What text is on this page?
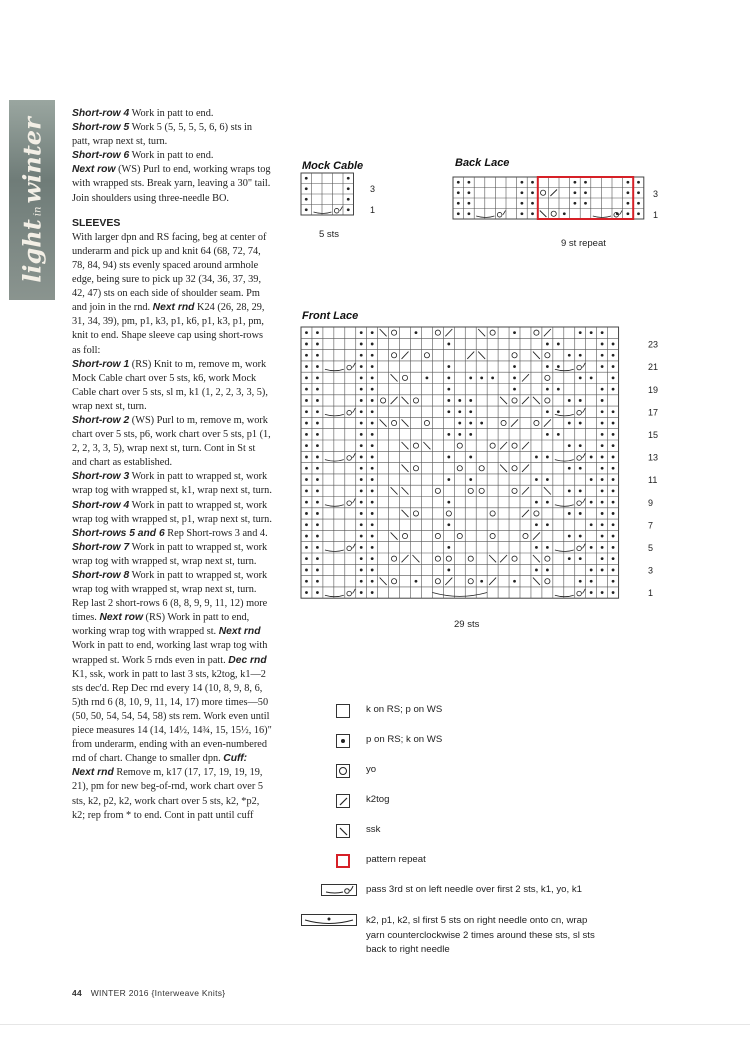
lightinwinter

Short-row 4 Work in patt to end.

Short-row 5 Work 5 (5, 5, 5, 5, 6, 6) sts in patt, wrap next st, turn.

Short-row 6 Work in patt to end.

Next row (WS) Purl to end, working wraps tog with wrapped sts. Break yarn, leaving a 30" tail. Join shoulders using three-needle BO.

SLEEVES

With larger dpn and RS facing, beg at center of underarm and pick up and knit 64 (68, 72, 74, 78, 84, 94) sts evenly spaced around armhole edge, being sure to pick up 32 (34, 36, 37, 39, 42, 47) sts on each side of shoulder seam. Pm and join in the rnd. Next rnd K24 (26, 28, 29, 31, 34, 39), pm, p1, k3, p1, k6, p1, k3, p1, pm, knit to end. Shape sleeve cap using short-rows as foll:

Short-row 1 (RS) Knit to m, remove m, work Mock Cable chart over 5 sts, k6, work Mock Cable chart over 5 sts, sl m, k1 (1, 2, 2, 3, 3, 5), wrap next st, turn.

Short-row 2 (WS) Purl to m, remove m, work chart over 5 sts, p6, work chart over 5 sts, p1 (1, 2, 2, 3, 3, 5), wrap next st, turn. Cont in St st and chart as established.

Short-row 3 Work in patt to wrapped st, work wrap tog with wrapped st, k1, wrap next st, turn.

Short-row 4 Work in patt to wrapped st, work wrap tog with wrapped st, p1, wrap next st, turn.

Short-rows 5 and 6 Rep Short-rows 3 and 4.

Short-row 7 Work in patt to wrapped st, work wrap tog with wrapped st, wrap next st, turn.

Short-row 8 Work in patt to wrapped st, work wrap tog with wrapped st, wrap next st, turn.

Rep last 2 short-rows 6 (8, 8, 9, 9, 11, 12) more times. Next row (RS) Work in patt to end, working wrap tog with wrapped st. Next rnd Work in patt to end, working last wrap tog with wrapped st. Work 5 rnds even in patt. Dec rnd K1, ssk, work in patt to last 3 sts, k2tog, k1—2 sts dec'd. Rep Dec rnd every 14 (10, 8, 9, 8, 6, 5)th rnd 6 (8, 10, 9, 11, 14, 17) more times—50 (50, 50, 54, 54, 54, 58) sts rem. Work even until piece measures 14 (14, 14½, 14¾, 15, 15½, 16)" from underarm, ending with an even-numbered rnd of chart. Change to smaller dpn. Cuff: Next rnd Remove m, k17 (17, 17, 19, 19, 19, 21), pm for new beg-of-rnd, work chart over 5 sts, k2, p2, k2, work chart over 5 sts, k2, *p2, k2; rep from * to end. Cont in patt until cuff

Mock Cable	Back Lace
Front Lace
5 sts
9 st repeat
29 sts
3
1
3
1
23
21
19
17
15
13
11
9
7
5
3
1
k on RS; p on WS
p on RS; k on WS
yo
k2tog
ssk
pattern repeat
pass 3rd st on left needle over first 2 sts, k1, yo, k1
k2, p1, k2, sl first 5 sts on right needle onto cn, wrap yarn counterclockwise 2 times around these sts, sl sts back to right needle
44 WINTER 2016 {Interweave Knits}
